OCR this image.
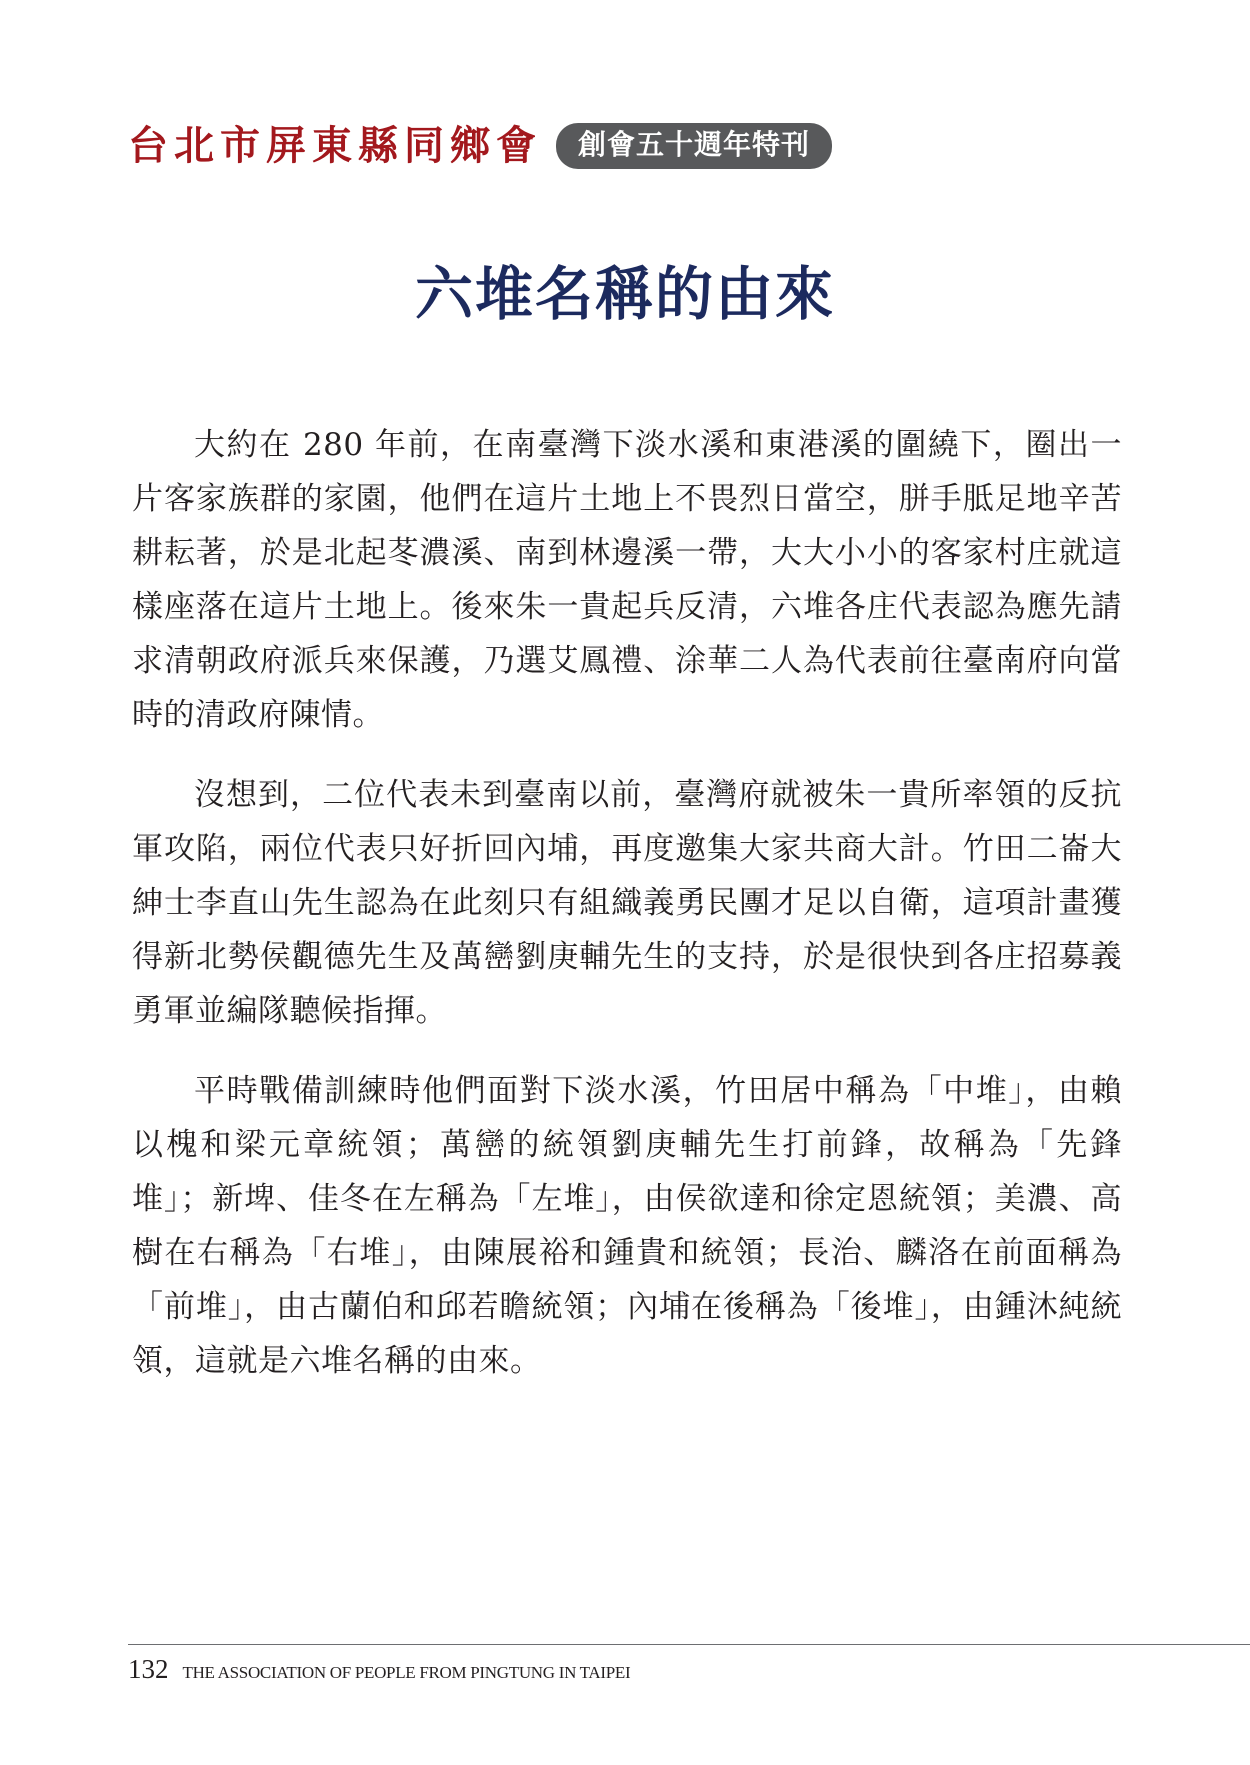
台北市屏東縣同鄉會	創會五十週年特刊
六堆名稱的由來

大約在 280 年前，在南臺灣下淡水溪和東港溪的圍繞下，圈出一片客家族群的家園，他們在這片土地上不畏烈日當空，胼手胝足地辛苦耕耘著，於是北起苳濃溪、南到林邊溪一帶，大大小小的客家村庄就這樣座落在這片土地上。後來朱一貴起兵反清，六堆各庄代表認為應先請求清朝政府派兵來保護，乃選艾鳳禮、涂華二人為代表前往臺南府向當時的清政府陳情。

沒想到，二位代表未到臺南以前，臺灣府就被朱一貴所率領的反抗軍攻陷，兩位代表只好折回內埔，再度邀集大家共商大計。竹田二崙大紳士李直山先生認為在此刻只有組織義勇民團才足以自衛，這項計畫獲得新北勢侯觀德先生及萬巒劉庚輔先生的支持，於是很快到各庄招募義勇軍並編隊聽候指揮。

平時戰備訓練時他們面對下淡水溪，竹田居中稱為「中堆」，由賴以槐和梁元章統領；萬巒的統領劉庚輔先生打前鋒，故稱為「先鋒堆」；新埤、佳冬在左稱為「左堆」，由侯欲達和徐定恩統領；美濃、高樹在右稱為「右堆」，由陳展裕和鍾貴和統領；長治、麟洛在前面稱為「前堆」，由古蘭伯和邱若瞻統領；內埔在後稱為「後堆」，由鍾沐純統領，這就是六堆名稱的由來。

132 THE ASSOCIATION OF PEOPLE FROM PINGTUNG IN TAIPEI
